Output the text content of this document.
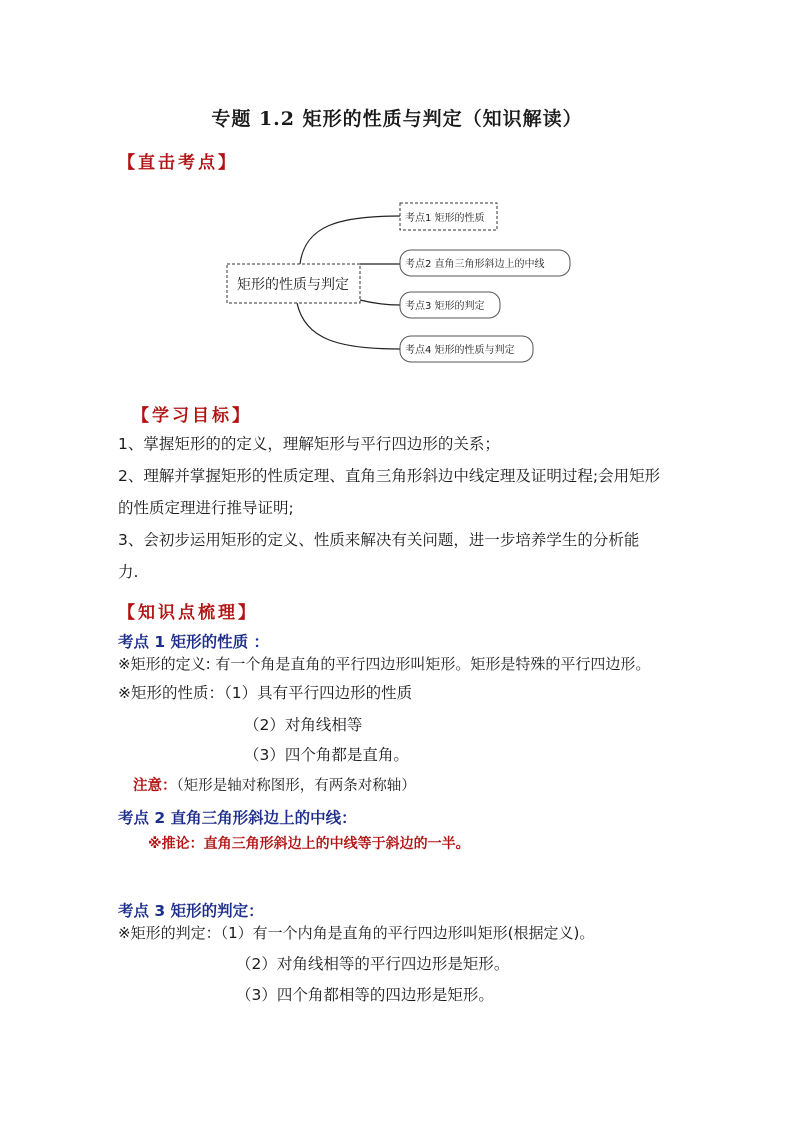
专题 1.2 矩形的性质与判定（知识解读）
【直击考点】
矩形的性质与判定
考点1 矩形的性质
考点2 直角三角形斜边上的中线
考点3 矩形的判定
考点4 矩形的性质与判定
【学习目标】
1、掌握矩形的的定义，理解矩形与平行四边形的关系；
2、理解并掌握矩形的性质定理、直角三角形斜边中线定理及证明过程;会用矩形
的性质定理进行推导证明;
3、会初步运用矩形的定义、性质来解决有关问题，进一步培养学生的分析能
力.
【知识点梳理】
考点 1 矩形的性质 ：
※矩形的定义: 有一个角是直角的平行四边形叫矩形。矩形是特殊的平行四边形。
※矩形的性质：（1）具有平行四边形的性质
（2）对角线相等
（3）四个角都是直角。
注意：（矩形是轴对称图形，有两条对称轴）
考点 2 直角三角形斜边上的中线：
※推论：直角三角形斜边上的中线等于斜边的一半。
考点 3 矩形的判定：
※矩形的判定：（1）有一个内角是直角的平行四边形叫矩形(根据定义)。
（2）对角线相等的平行四边形是矩形。
（3）四个角都相等的四边形是矩形。
